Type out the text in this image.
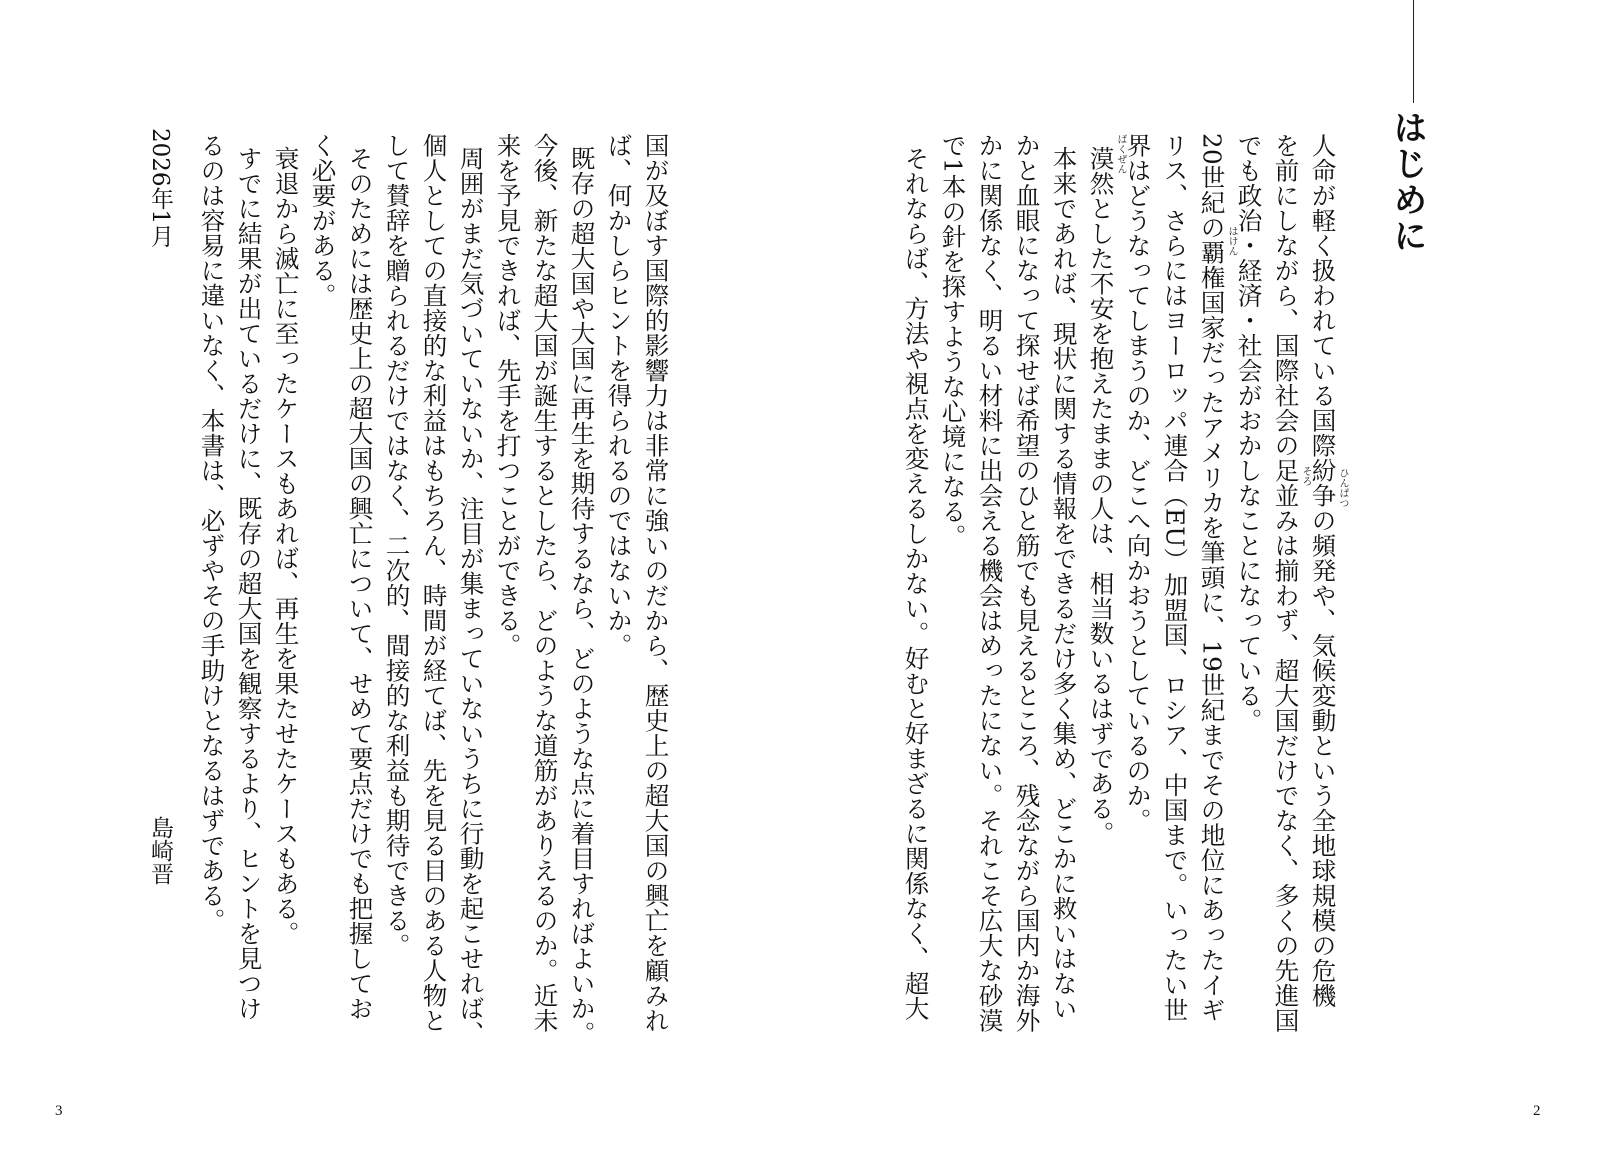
はじめに
人命が軽く扱われている国際紛争の頻発や、気候変動という全地球規模の危機
を前にしながら、国際社会の足並みは揃わず、超大国だけでなく、多くの先進国
でも政治・経済・社会がおかしなことになっている。
20世紀の覇権国家だったアメリカを筆頭に、19世紀までその地位にあったイギ
リス、さらにはヨーロッパ連合（EU）加盟国、ロシア、中国まで。いったい世
界はどうなってしまうのか、どこへ向かおうとしているのか。
漠然とした不安を抱えたままの人は、相当数いるはずである。
本来であれば、現状に関する情報をできるだけ多く集め、どこかに救いはない
かと血眼になって探せば希望のひと筋でも見えるところ、残念ながら国内か海外
かに関係なく、明るい材料に出会える機会はめったにない。それこそ広大な砂漠
で1本の針を探すような心境になる。
それならば、方法や視点を変えるしかない。好むと好まざるに関係なく、超大	ひんぱつ
そろ
はけん
ばくぜん
2
国が及ぼす国際的影響力は非常に強いのだから、歴史上の超大国の興亡を顧みれ
ば、何かしらヒントを得られるのではないか。
既存の超大国や大国に再生を期待するなら、どのような点に着目すればよいか。
今後、新たな超大国が誕生するとしたら、どのような道筋がありえるのか。近未
来を予見できれば、先手を打つことができる。
周囲がまだ気づいていないか、注目が集まっていないうちに行動を起こせれば、
個人としての直接的な利益はもちろん、時間が経てば、先を見る目のある人物と
して賛辞を贈られるだけではなく、二次的、間接的な利益も期待できる。
そのためには歴史上の超大国の興亡について、せめて要点だけでも把握してお
く必要がある。
衰退から滅亡に至ったケースもあれば、再生を果たせたケースもある。
すでに結果が出ているだけに、既存の超大国を観察するより、ヒントを見つけ
るのは容易に違いなく、本書は、必ずやその手助けとなるはずである。
2026年1月
島崎晋
3
